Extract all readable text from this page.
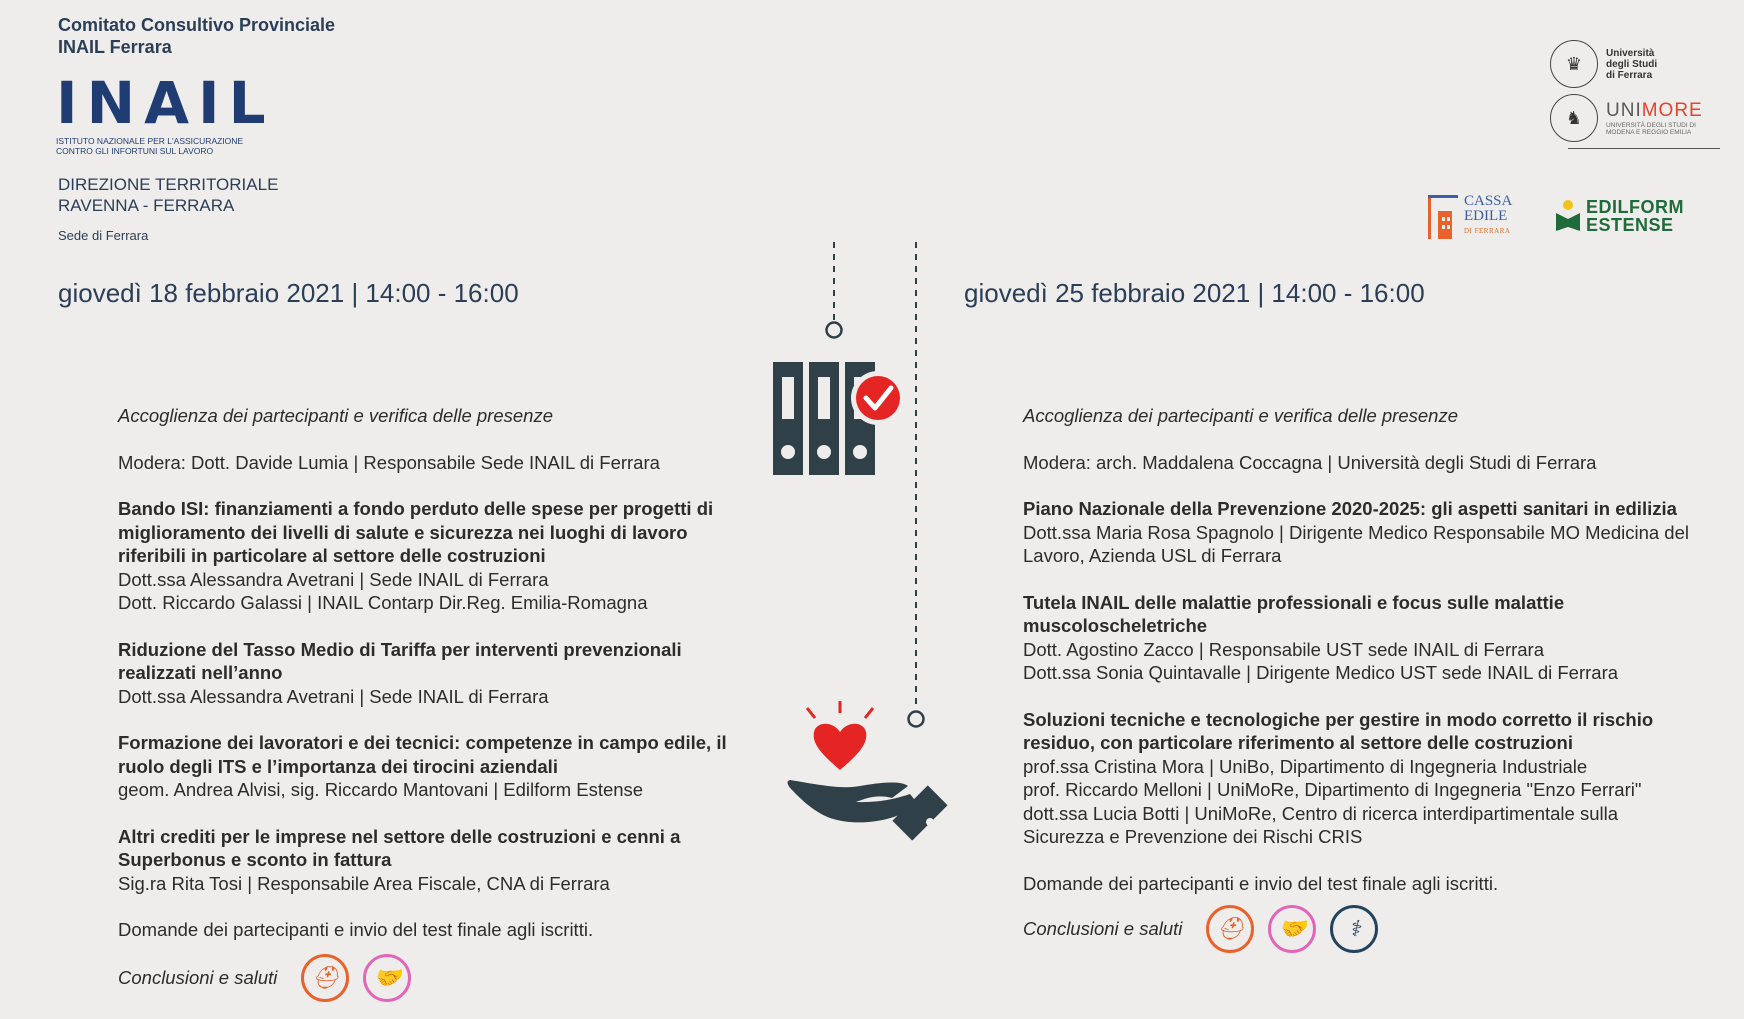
Comitato Consultivo Provinciale
INAIL Ferrara
INAIL
ISTITUTO NAZIONALE PER L'ASSICURAZIONE
CONTRO GLI INFORTUNI SUL LAVORO
DIREZIONE TERRITORIALE
RAVENNA - FERRARA
Sede di Ferrara
♛
Università
degli Studi
di Ferrara
♞	UNIMORE
UNIVERSITÀ DEGLI STUDI DI
MODENA E REGGIO EMILIA
CASSA
EDILE
DI FERRARA
EDILFORM
ESTENSE
giovedì 18 febbraio 2021 | 14:00 - 16:00	giovedì 25 febbraio 2021 | 14:00 - 16:00

Accoglienza dei partecipanti e verifica delle presenze

Modera: Dott. Davide Lumia | Responsabile Sede INAIL di Ferrara

Bando ISI: finanziamenti a fondo perduto delle spese per progetti di miglioramento dei livelli di salute e sicurezza nei luoghi di lavoro riferibili in particolare al settore delle costruzioni

Dott.ssa Alessandra Avetrani | Sede INAIL di Ferrara

Dott. Riccardo Galassi | INAIL Contarp Dir.Reg. Emilia-Romagna

Riduzione del Tasso Medio di Tariffa per interventi prevenzionali realizzati nell’anno

Dott.ssa Alessandra Avetrani | Sede INAIL di Ferrara

Formazione dei lavoratori e dei tecnici: competenze in campo edile, il ruolo degli ITS e l’importanza dei tirocini aziendali

geom. Andrea Alvisi, sig. Riccardo Mantovani | Edilform Estense

Altri crediti per le imprese nel settore delle costruzioni e cenni a Superbonus e sconto in fattura

Sig.ra Rita Tosi | Responsabile Area Fiscale, CNA di Ferrara

Domande dei partecipanti e invio del test finale agli iscritti.

Conclusioni e saluti	⛑	🤝

Accoglienza dei partecipanti e verifica delle presenze

Modera: arch. Maddalena Coccagna | Università degli Studi di Ferrara

Piano Nazionale della Prevenzione 2020-2025: gli aspetti sanitari in edilizia

Dott.ssa Maria Rosa Spagnolo | Dirigente Medico Responsabile MO Medicina del Lavoro, Azienda USL di Ferrara

Tutela INAIL delle malattie professionali e focus sulle malattie muscoloscheletriche

Dott. Agostino Zacco | Responsabile UST sede INAIL di Ferrara

Dott.ssa Sonia Quintavalle | Dirigente Medico UST sede INAIL di Ferrara

Soluzioni tecniche e tecnologiche per gestire in modo corretto il rischio residuo, con particolare riferimento al settore delle costruzioni

prof.ssa Cristina Mora | UniBo, Dipartimento di Ingegneria Industriale

prof. Riccardo Melloni | UniMoRe, Dipartimento di Ingegneria "Enzo Ferrari"

dott.ssa Lucia Botti | UniMoRe, Centro di ricerca interdipartimentale sulla Sicurezza e Prevenzione dei Rischi CRIS

Domande dei partecipanti e invio del test finale agli iscritti.

Conclusioni e saluti	⛑	🤝	⚕
